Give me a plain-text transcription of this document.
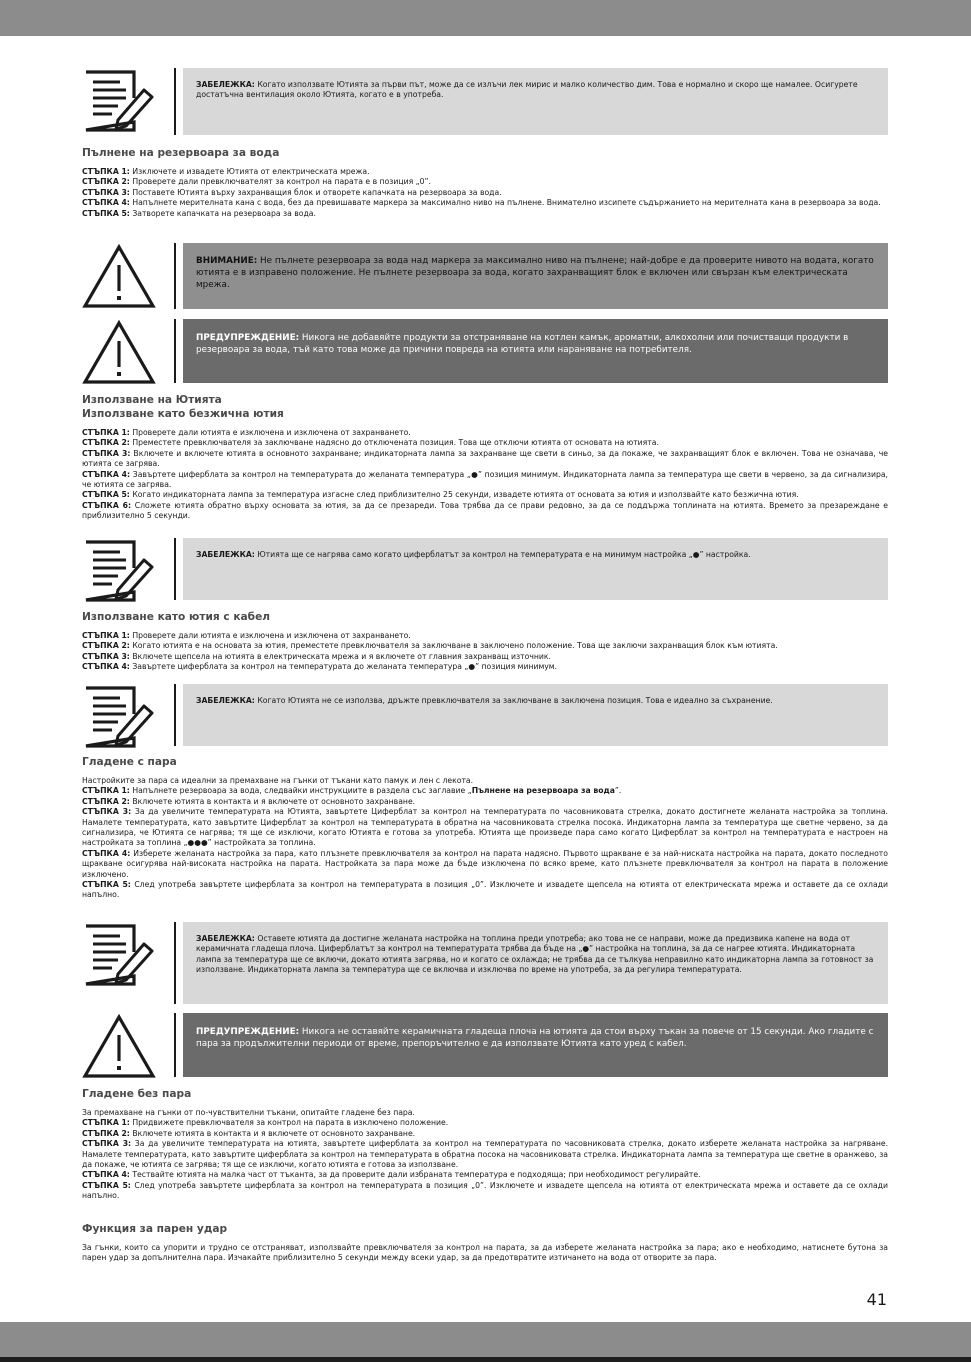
ЗАБЕЛЕЖКА: Когато използвате Ютията за първи път, може да се излъчи лек мирис и малко количество дим. Това е нормално и скоро ще намалее. Осигурете достатъчна вентилация около Ютията, когато е в употреба.
Пълнене на резервоара за вода

СТЪПКА 1: Изключете и извадете Ютията от електрическата мрежа.

СТЪПКА 2: Проверете дали превключвателят за контрол на парата е в позиция „0”.

СТЪПКА 3: Поставете Ютията върху захранващия блок и отворете капачката на резервоара за вода.

СТЪПКА 4: Напълнете мерителната кана с вода, без да превишавате маркера за максимално ниво на пълнене. Внимателно изсипете съдържанието на мерителната кана в резервоара за вода.

СТЪПКА 5: Затворете капачката на резервоара за вода.

ВНИМАНИЕ: Не пълнете резервоара за вода над маркера за максимално ниво на пълнене; най-добре е да проверите нивото на водата, когато ютията е в изправено положение. Не пълнете резервоара за вода, когато захранващият блок е включен или свързан към електрическата мрежа.
ПРЕДУПРЕЖДЕНИЕ: Никога не добавяйте продукти за отстраняване на котлен камък, ароматни, алкохолни или почистващи продукти в резервоара за вода, тъй като това може да причини повреда на ютията или нараняване на потребителя.
Използване на Ютията
Използване като безжична ютия

СТЪПКА 1: Проверете дали ютията е изключена и изключена от захранването.

СТЪПКА 2: Преместете превключвателя за заключване надясно до отключената позиция. Това ще отключи ютията от основата на ютията.

СТЪПКА 3: Включете и включете ютията в основното захранване; индикаторната лампа за захранване ще свети в синьо, за да покаже, че захранващият блок е включен. Това не означава, че ютията се загрява.

СТЪПКА 4: Завъртете циферблата за контрол на температурата до желаната температура „●” позиция минимум. Индикаторната лампа за температура ще свети в червено, за да сигнализира, че ютията се загрява.

СТЪПКА 5: Когато индикаторната лампа за температура изгасне след приблизително 25 секунди, извадете ютията от основата за ютия и използвайте като безжична ютия.

СТЪПКА 6: Сложете ютията обратно върху основата за ютия, за да се презареди. Това трябва да се прави редовно, за да се поддържа топлината на ютията. Времето за презареждане е приблизително 5 секунди.

ЗАБЕЛЕЖКА: Ютията ще се нагрява само когато циферблатът за контрол на температурата е на минимум настройка „●” настройка.
Използване като ютия с кабел

СТЪПКА 1: Проверете дали ютията е изключена и изключена от захранването.

СТЪПКА 2: Когато ютията е на основата за ютия, преместете превключвателя за заключване в заключено положение. Това ще заключи захранващия блок към ютията.

СТЪПКА 3: Включете щепсела на ютията в електрическата мрежа и я включете от главния захранващ източник.

СТЪПКА 4: Завъртете циферблата за контрол на температурата до желаната температура „●” позиция минимум.

ЗАБЕЛЕЖКА: Когато Ютията не се използва, дръжте превключвателя за заключване в заключена позиция. Това е идеално за съхранение.
Гладене с пара

Настройките за пара са идеални за премахване на гънки от тъкани като памук и лен с лекота.

СТЪПКА 1: Напълнете резервоара за вода, следвайки инструкциите в раздела със заглавие „Пълнене на резервоара за вода”.

СТЪПКА 2: Включете ютията в контакта и я включете от основното захранване.

СТЪПКА 3: За да увеличите температурата на Ютията, завъртете Циферблат за контрол на температурата по часовниковата стрелка, докато достигнете желаната настройка за топлина. Намалете температурата, като завъртите Циферблат за контрол на температурата в обратна на часовниковата стрелка посока. Индикаторна лампа за температура ще светне червено, за да сигнализира, че Ютията се нагрява; тя ще се изключи, когато Ютията е готова за употреба. Ютията ще произведе пара само когато Циферблат за контрол на температурата е настроен на настройката за топлина „●●●” настройката за топлина.

СТЪПКА 4: Изберете желаната настройка за пара, като плъзнете превключвателя за контрол на парата надясно. Първото щракване е за най-ниската настройка на парата, докато последното щракване осигурява най-високата настройка на парата. Настройката за пара може да бъде изключена по всяко време, като плъзнете превключвателя за контрол на парата в положение изключено.

СТЪПКА 5: След употреба завъртете циферблата за контрол на температурата в позиция „0”. Изключете и извадете щепсела на ютията от електрическата мрежа и оставете да се охлади напълно.

ЗАБЕЛЕЖКА: Оставете ютията да достигне желаната настройка на топлина преди употреба; ако това не се направи, може да предизвика капене на вода от керамичната гладеща плоча. Циферблатът за контрол на температурата трябва да бъде на „●” настройка на топлина, за да се нагрее ютията. Индикаторната лампа за температура ще се включи, докато ютията загрява, но и когато се охлажда; не трябва да се тълкува неправилно като индикаторна лампа за готовност за използване. Индикаторната лампа за температура ще се включва и изключва по време на употреба, за да регулира температурата.
ПРЕДУПРЕЖДЕНИЕ: Никога не оставяйте керамичната гладеща плоча на ютията да стои върху тъкан за повече от 15 секунди. Ако гладите с пара за продължителни периоди от време, препоръчително е да използвате Ютията като уред с кабел.
Гладене без пара

За премахване на гънки от по-чувствителни тъкани, опитайте гладене без пара.

СТЪПКА 1: Придвижете превключвателя за контрол на парата в изключено положение.

СТЪПКА 2: Включете ютията в контакта и я включете от основното захранване.

СТЪПКА 3: За да увеличите температурата на ютията, завъртете циферблата за контрол на температурата по часовниковата стрелка, докато изберете желаната настройка за нагряване. Намалете температурата, като завъртите циферблата за контрол на температурата в обратна посока на часовниковата стрелка. Индикаторната лампа за температура ще светне в оранжево, за да покаже, че ютията се загрява; тя ще се изключи, когато ютията е готова за използване.

СТЪПКА 4: Тествайте ютията на малка част от тъканта, за да проверите дали избраната температура е подходяща; при необходимост регулирайте.

СТЪПКА 5: След употреба завъртете циферблата за контрол на температурата в позиция „0”. Изключете и извадете щепсела на ютията от електрическата мрежа и оставете да се охлади напълно.

Функция за парен удар

За гънки, които са упорити и трудно се отстраняват, използвайте превключвателя за контрол на парата, за да изберете желаната настройка за пара; ако е необходимо, натиснете бутона за парен удар за допълнителна пара. Изчакайте приблизително 5 секунди между всеки удар, за да предотвратите изтичането на вода от отворите за пара.

41
